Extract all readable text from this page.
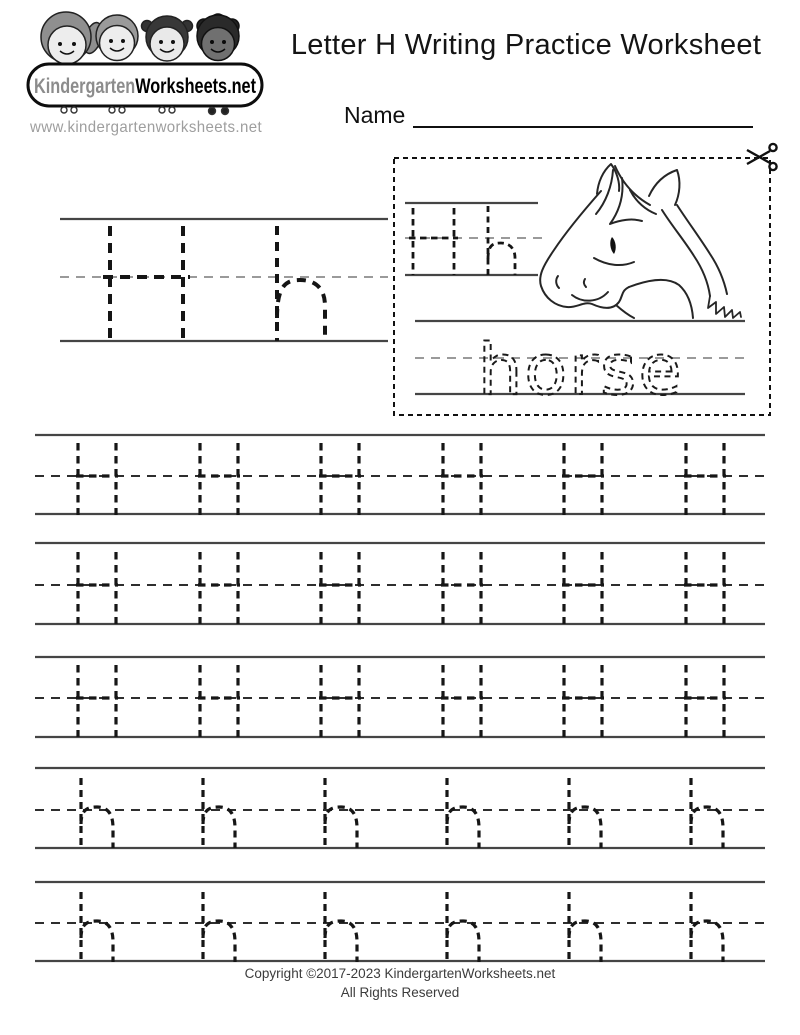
KindergartenWorksheets.net
www.kindergartenworksheets.net
horse
Letter H Writing Practice Worksheet
Name
Copyright ©2017-2023 KindergartenWorksheets.net
All Rights Reserved
